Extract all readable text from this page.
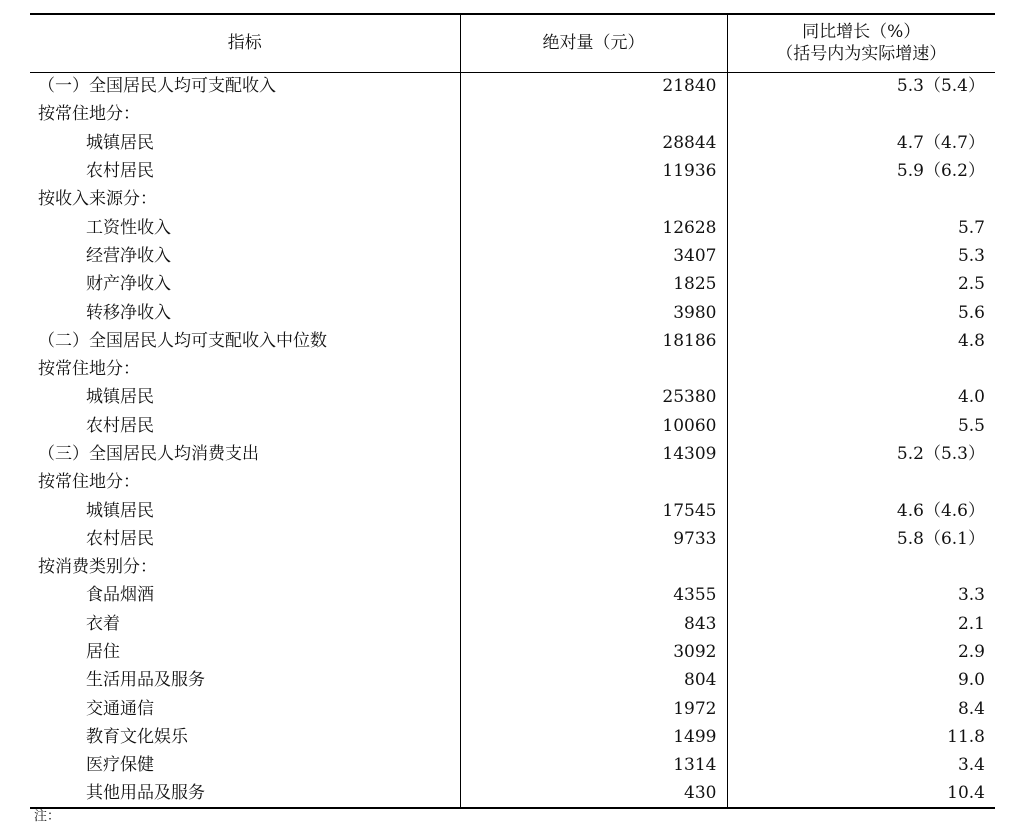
指标	绝对量（元）	同比增长（%）
（括号内为实际增速）

（一）全国居民人均可支配收入	21840	5.3（5.4）
按常住地分：		
城镇居民	28844	4.7（4.7）
农村居民	11936	5.9（6.2）
按收入来源分：		
工资性收入	12628	5.7
经营净收入	3407	5.3
财产净收入	1825	2.5
转移净收入	3980	5.6
（二）全国居民人均可支配收入中位数	18186	4.8
按常住地分：		
城镇居民	25380	4.0
农村居民	10060	5.5
（三）全国居民人均消费支出	14309	5.2（5.3）
按常住地分：		
城镇居民	17545	4.6（4.6）
农村居民	9733	5.8（6.1）
按消费类别分：		
食品烟酒	4355	3.3
衣着	843	2.1
居住	3092	2.9
生活用品及服务	804	9.0
交通通信	1972	8.4
教育文化娱乐	1499	11.8
医疗保健	1314	3.4
其他用品及服务	430	10.4
注：
